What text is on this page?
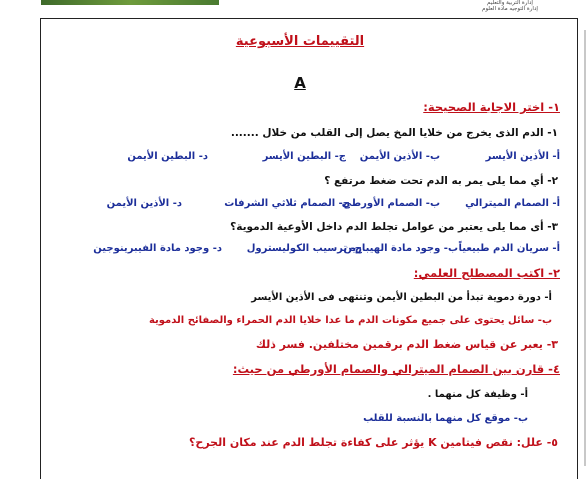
إدارة التربية والتعليم
إدارة التوجيه مادة العلوم
التقييمات الأسبوعية
A
١- اختر الاجابة الصحيحة:
١- الدم الذى يخرج من خلايا المخ يصل إلى القلب من خلال .......
أ- الأذين الأيسر
ب- الأذين الأيمن
ج- البطين الأيسر
د- البطين الأيمن
٢- أي مما يلى يمر به الدم تحت ضغط مرتفع ؟
أ- الصمام الميترالي
ب- الصمام الأورطي
ج- الصمام ثلاثي الشرفات
د- الأذين الأيمن
٣- أى مما يلى يعتبر من عوامل تجلط الدم داخل الأوعية الدموية؟
أ- سريان الدم طبيعياً
ب- وجود مادة الهيبارين
ج- ترسيب الكوليسترول
د- وجود مادة الفيبرينوجين
٢- اكتب المصطلح العلمي:
أ- دورة دموية تبدأ من البطين الأيمن وتنتهى فى الأذين الأيسر
ب- سائل يحتوى على جميع مكونات الدم ما عدا خلايا الدم الحمراء والصفائح الدموية
٣- يعبر عن قياس ضغط الدم برقمين مختلفين. فسر ذلك
٤- قارن بين الصمام الميترالي والصمام الأورطي من حيث:
أ- وظيفة كل منهما .
ب- موقع كل منهما بالنسبة للقلب
٥- علل: نقص فيتامين K يؤثر على كفاءة تجلط الدم عند مكان الجرح؟
